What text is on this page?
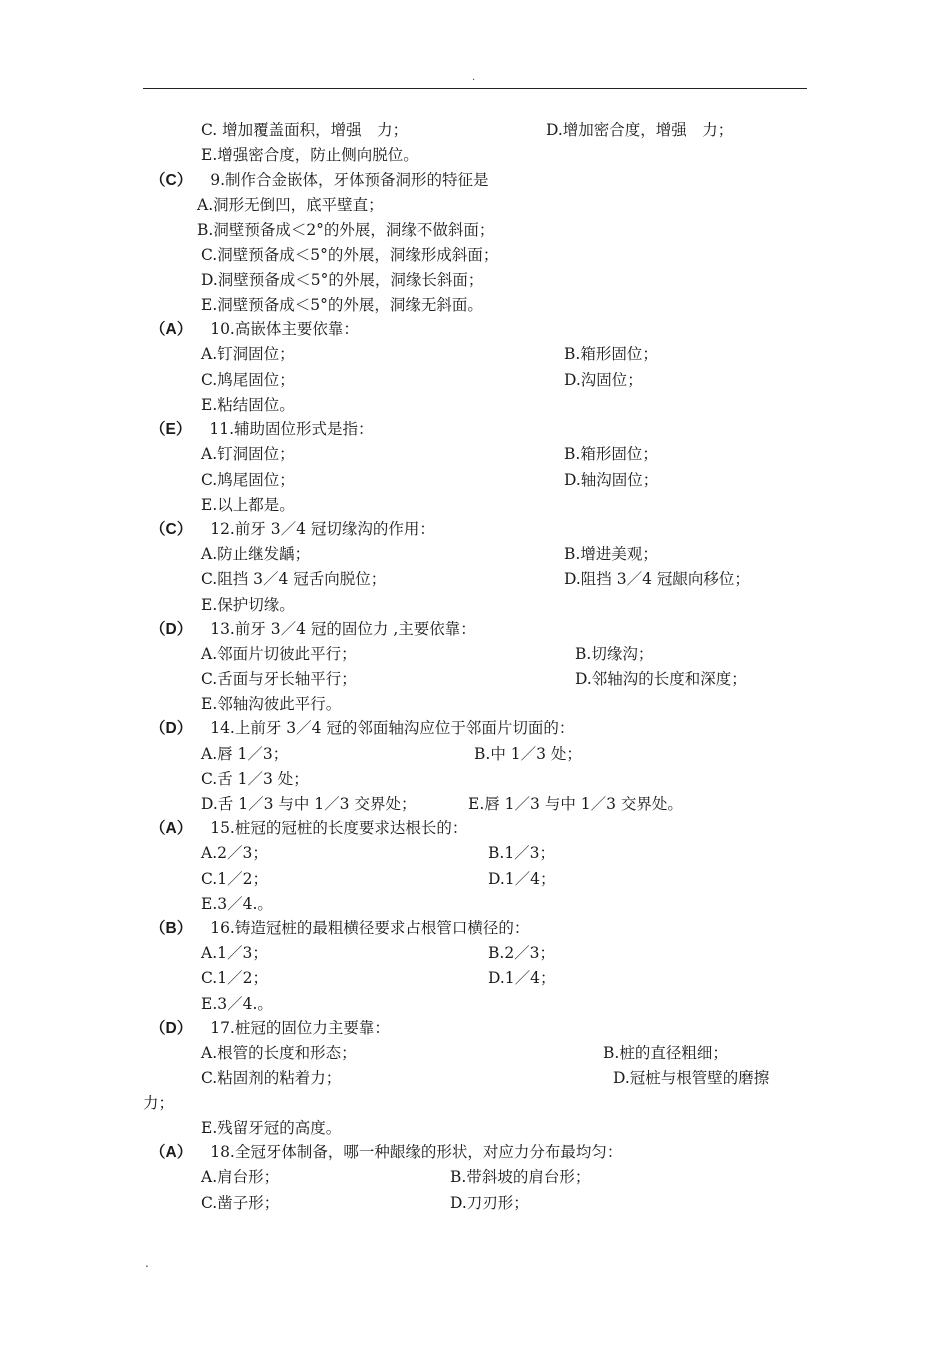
.
C. 增加覆盖面积，增强　力；	D.增加密合度，增强　力；
E.增强密合度，防止侧向脱位。
（C） 9.制作合金嵌体，牙体预备洞形的特征是
A.洞形无倒凹，底平壁直；
B.洞壁预备成＜2°的外展，洞缘不做斜面；
C.洞壁预备成＜5°的外展，洞缘形成斜面；
D.洞壁预备成＜5°的外展，洞缘长斜面；
E.洞壁预备成＜5°的外展，洞缘无斜面。
（A） 10.高嵌体主要依靠：
A.钉洞固位；	B.箱形固位；
C.鸠尾固位；	D.沟固位；
E.粘结固位。
（E） 11.辅助固位形式是指：
A.钉洞固位；	B.箱形固位；
C.鸠尾固位；	D.轴沟固位；
E.以上都是。
（C） 12.前牙 3／4 冠切缘沟的作用：
A.防止继发龋；	B.增进美观；
C.阻挡 3／4 冠舌向脱位；	D.阻挡 3／4 冠龈向移位；
E.保护切缘。
（D） 13.前牙 3／4 冠的固位力 ,主要依靠：
A.邻面片切彼此平行；	B.切缘沟；
C.舌面与牙长轴平行；	D.邻轴沟的长度和深度；
E.邻轴沟彼此平行。
（D） 14.上前牙 3／4 冠的邻面轴沟应位于邻面片切面的：
A.唇 1／3；	B.中 1／3 处；
C.舌 1／3 处；
D.舌 1／3 与中 1／3 交界处；	E.唇 1／3 与中 1／3 交界处。
（A） 15.桩冠的冠桩的长度要求达根长的：
A.2／3；	B.1／3；
C.1／2；	D.1／4；
E.3／4.。
（B） 16.铸造冠桩的最粗横径要求占根管口横径的：
A.1／3；	B.2／3；
C.1／2；	D.1／4；
E.3／4.。
（D） 17.桩冠的固位力主要靠：
A.根管的长度和形态；	B.桩的直径粗细；
C.粘固剂的粘着力；	D.冠桩与根管壁的磨擦
力；
E.残留牙冠的高度。
（A） 18.全冠牙体制备，哪一种龈缘的形状，对应力分布最均匀：
A.肩台形；	B.带斜坡的肩台形；
C.凿子形；	D.刀刃形；
.
